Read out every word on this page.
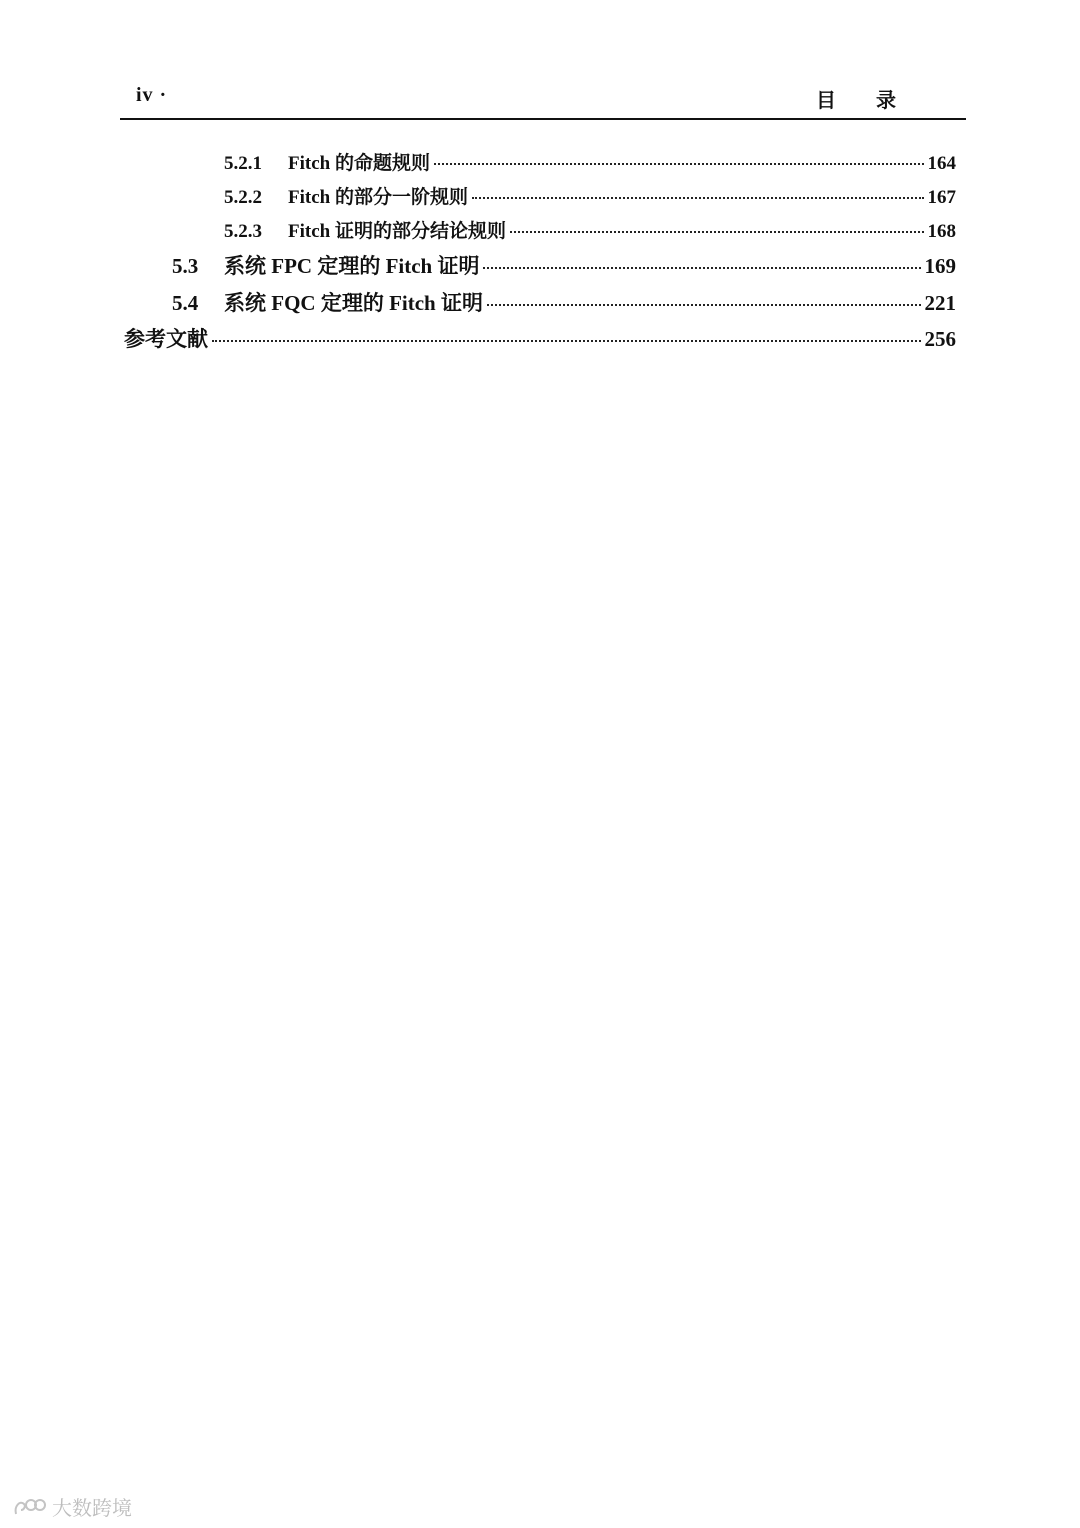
iv ·	目录
5.2.1	Fitch 的命题规则	164
5.2.2	Fitch 的部分一阶规则	167
5.2.3	Fitch 证明的部分结论规则	168
5.3	系统 FPC 定理的 Fitch 证明	169
5.4	系统 FQC 定理的 Fitch 证明	221
参考文献	256
大数跨境
